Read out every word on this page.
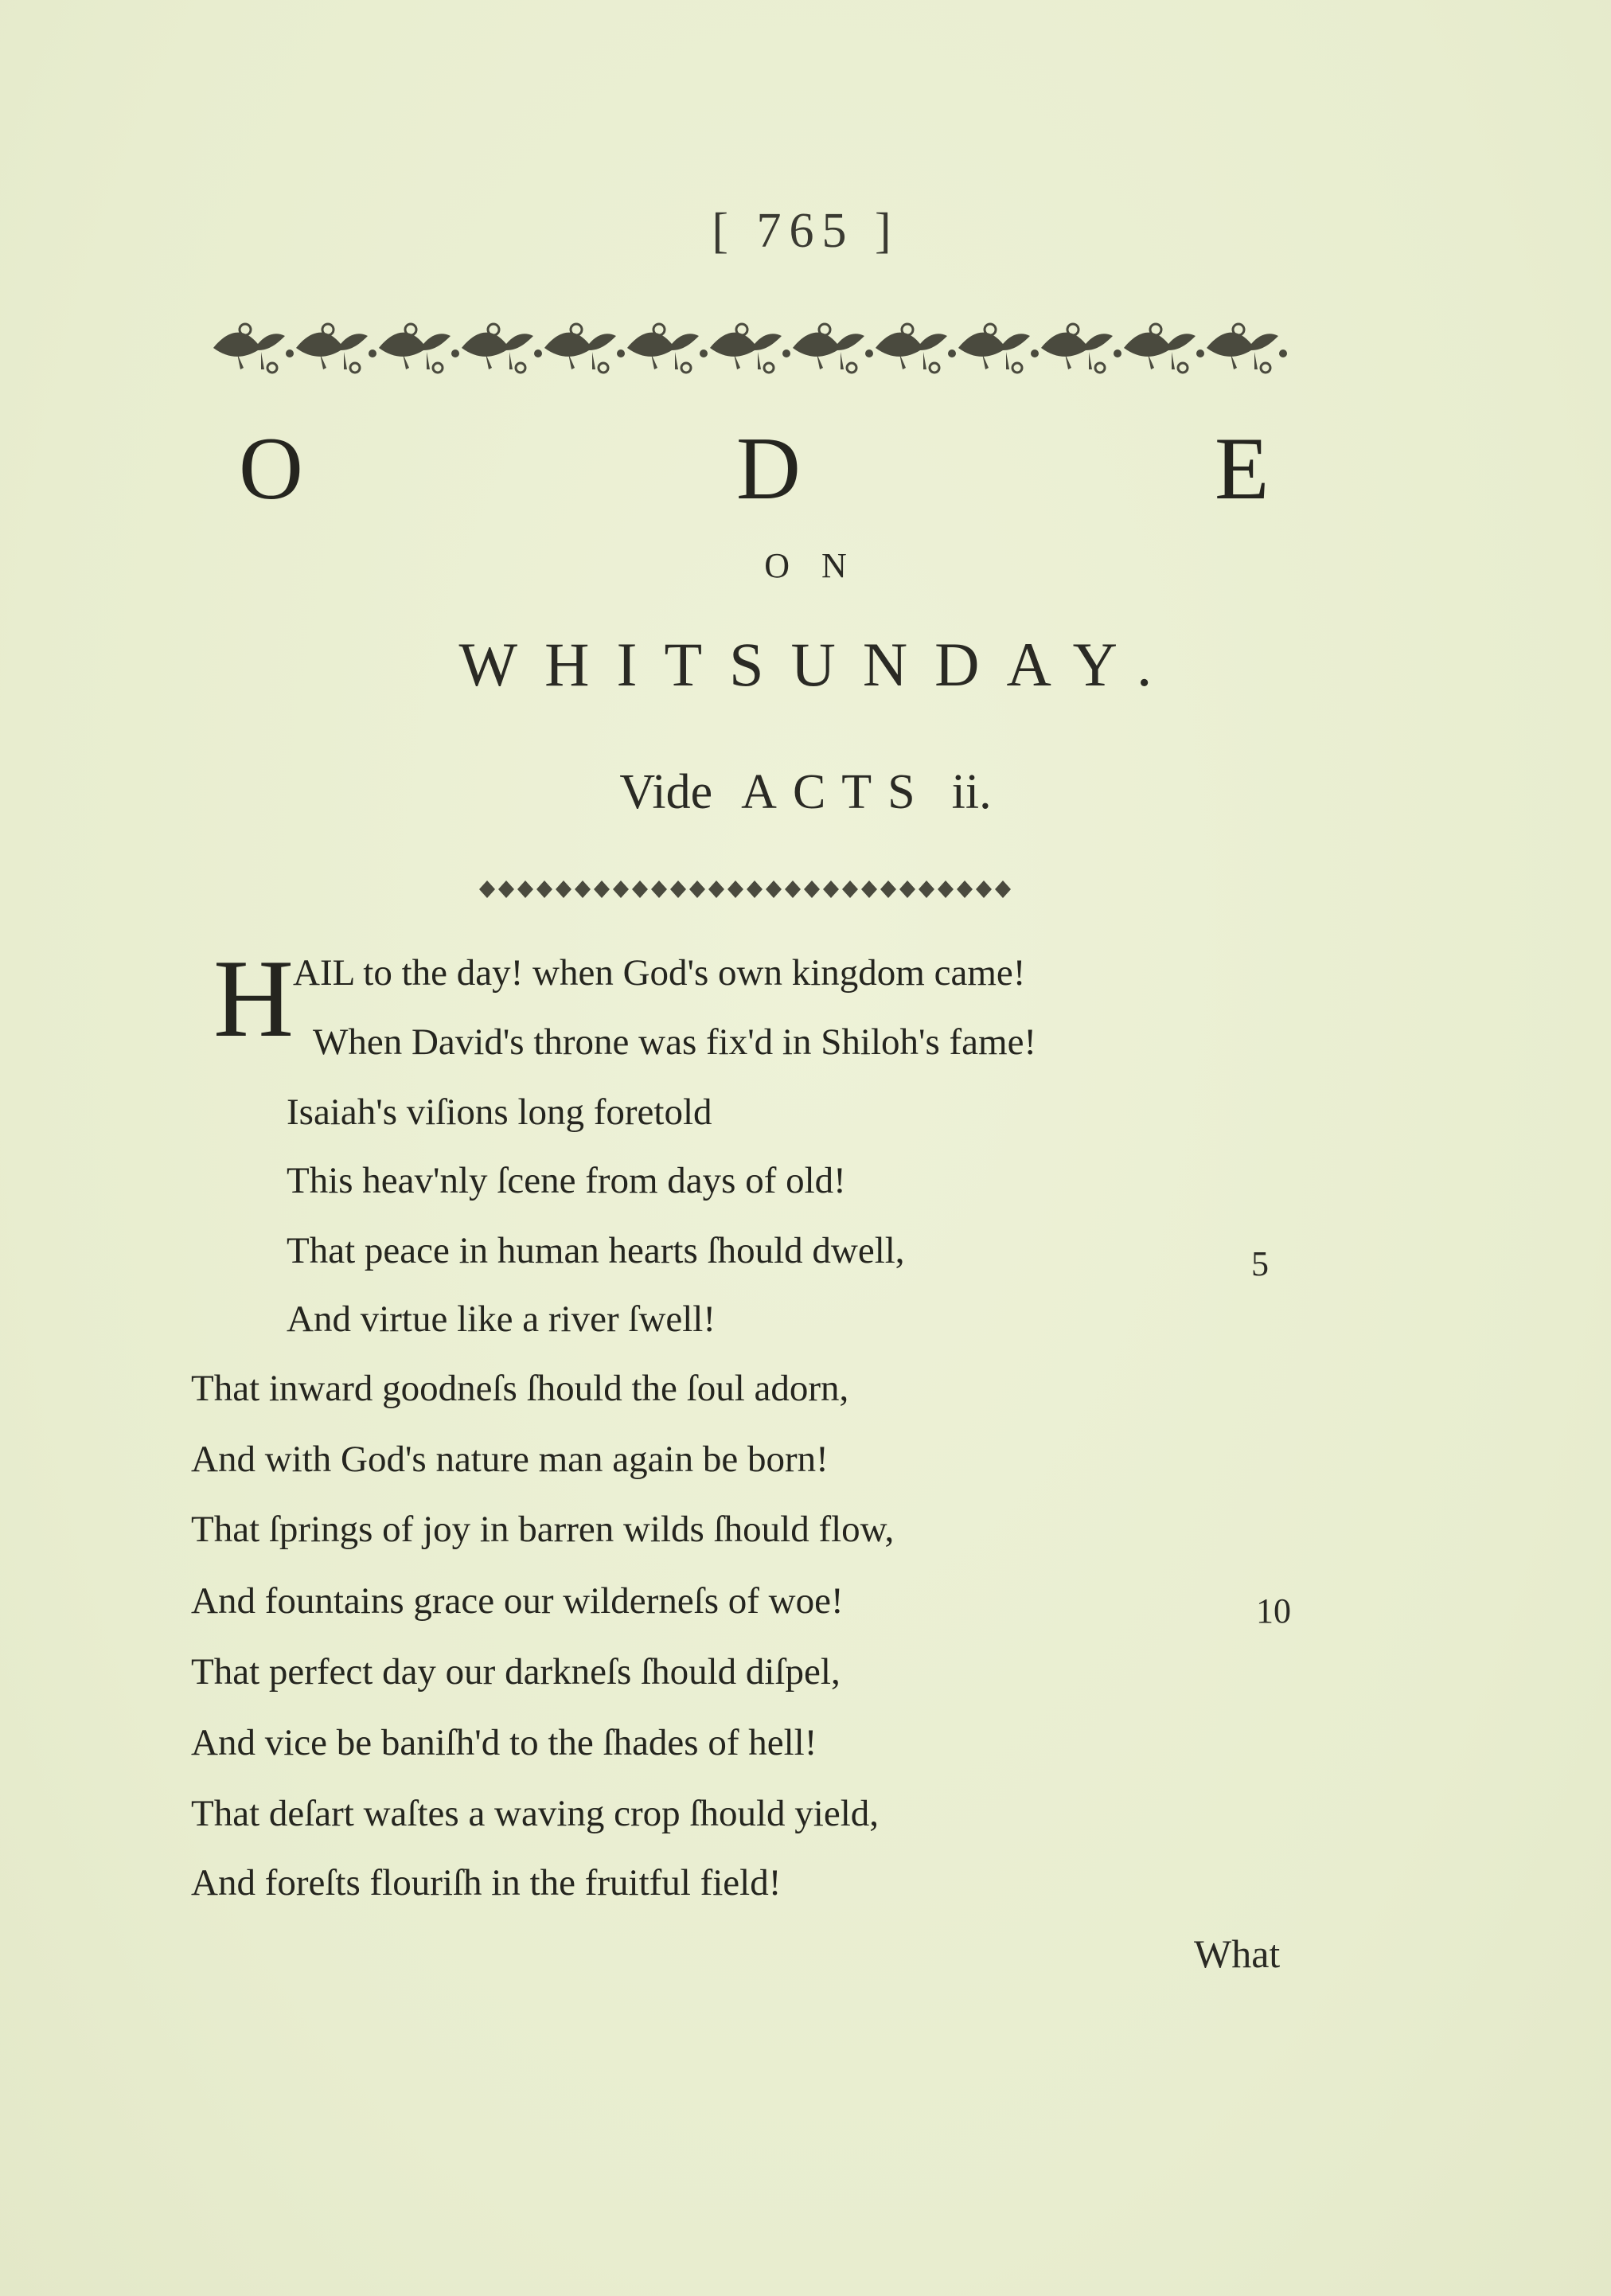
[ 765 ]
O	D	E
ON
WHITSUNDAY.
Vide ACTS ii.
H
AIL to the day! when God's own kingdom came!
When David's throne was fix'd in Shiloh's fame!
Isaiah's viſions long foretold
This heav'nly ſcene from days of old!
That peace in human hearts ſhould dwell,
And virtue like a river ſwell!
That inward goodneſs ſhould the ſoul adorn,
And with God's nature man again be born!
That ſprings of joy in barren wilds ſhould flow,
And fountains grace our wilderneſs of woe!
That perfect day our darkneſs ſhould diſpel,
And vice be baniſh'd to the ſhades of hell!
That deſart waſtes a waving crop ſhould yield,
And foreſts flouriſh in the fruitful field!
5
10
What
